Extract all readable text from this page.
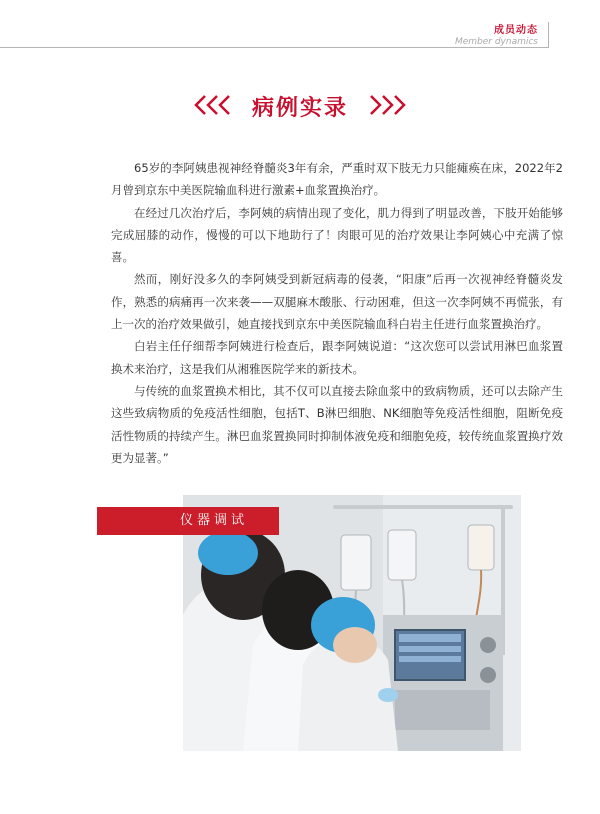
成员动态
Member dynamics
病例实录

65岁的李阿姨患视神经脊髓炎3年有余，严重时双下肢无力只能瘫痪在床，2022年2月曾到京东中美医院输血科进行激素+血浆置换治疗。

在经过几次治疗后，李阿姨的病情出现了变化，肌力得到了明显改善，下肢开始能够完成屈膝的动作，慢慢的可以下地助行了！肉眼可见的治疗效果让李阿姨心中充满了惊喜。

然而，刚好没多久的李阿姨受到新冠病毒的侵袭，“阳康”后再一次视神经脊髓炎发作，熟悉的病痛再一次来袭——双腿麻木酸胀、行动困难，但这一次李阿姨不再慌张，有上一次的治疗效果做引，她直接找到京东中美医院输血科白岩主任进行血浆置换治疗。

白岩主任仔细帮李阿姨进行检查后，跟李阿姨说道：“这次您可以尝试用淋巴血浆置换术来治疗，这是我们从湘雅医院学来的新技术。

与传统的血浆置换术相比，其不仅可以直接去除血浆中的致病物质，还可以去除产生这些致病物质的免疫活性细胞，包括T、B淋巴细胞、NK细胞等免疫活性细胞，阻断免疫活性物质的持续产生。淋巴血浆置换同时抑制体液免疫和细胞免疫，较传统血浆置换疗效更为显著。”

仪器调试
